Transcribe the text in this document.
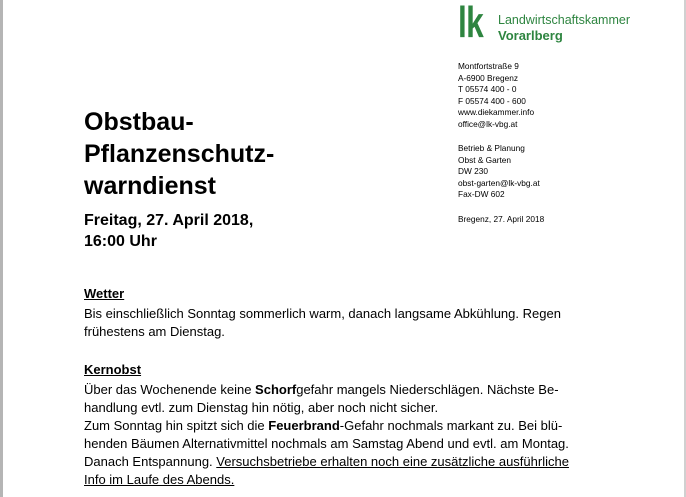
lk Landwirtschaftskammer
Vorarlberg
Montfortstraße 9
A-6900 Bregenz
T 05574 400 - 0
F 05574 400 - 600
www.diekammer.info
office@lk-vbg.at
Betrieb & Planung
Obst & Garten
DW 230
obst-garten@lk-vbg.at
Fax-DW 602
Bregenz, 27. April 2018
Obstbau-
Pflanzenschutz-
warndienst
Freitag, 27. April 2018,
16:00 Uhr
Wetter

Bis einschließlich Sonntag sommerlich warm, danach langsame Abkühlung. Regen
frühestens am Dienstag.

Kernobst

Über das Wochenende keine Schorfgefahr mangels Niederschlägen. Nächste Be-
handlung evtl. zum Dienstag hin nötig, aber noch nicht sicher.

Zum Sonntag hin spitzt sich die Feuerbrand-Gefahr nochmals markant zu. Bei blü-
henden Bäumen Alternativmittel nochmals am Samstag Abend und evtl. am Montag.
Danach Entspannung. Versuchsbetriebe erhalten noch eine zusätzliche ausführliche
Info im Laufe des Abends.
